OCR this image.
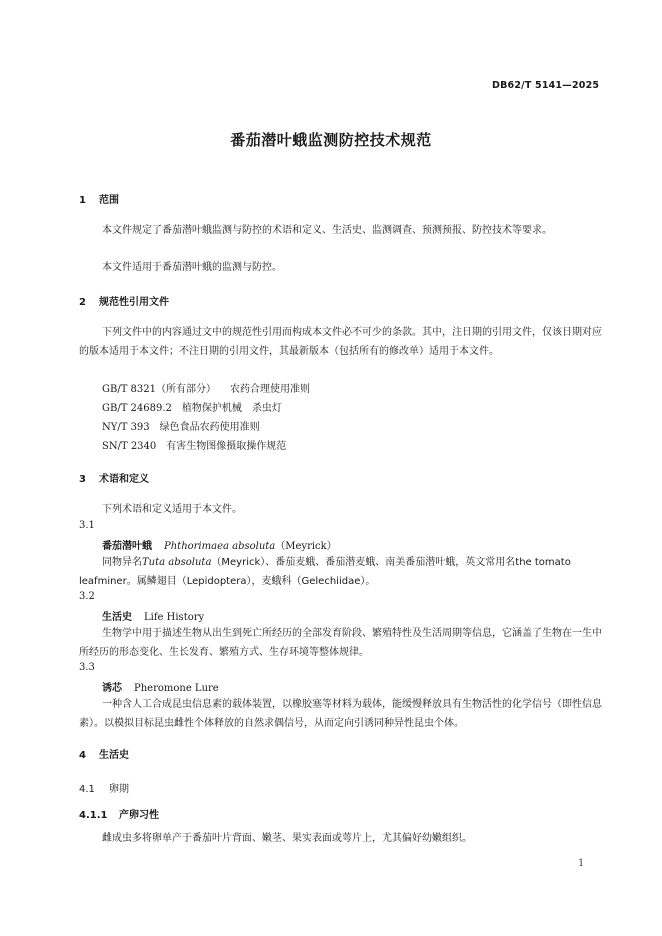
DB62/T 5141—2025
番茄潜叶蛾监测防控技术规范
1 范围
本文件规定了番茄潜叶蛾监测与防控的术语和定义、生活史、监测调查、预测预报、防控技术等要求。
本文件适用于番茄潜叶蛾的监测与防控。
2 规范性引用文件
下列文件中的内容通过文中的规范性引用而构成本文件必不可少的条款。其中，注日期的引用文件，仅该日期对应的版本适用于本文件；不注日期的引用文件，其最新版本（包括所有的修改单）适用于本文件。
GB/T 8321（所有部分） 农药合理使用准则
GB/T 24689.2 植物保护机械　杀虫灯
NY/T 393 绿色食品农药使用准则
SN/T 2340 有害生物图像摄取操作规范
3 术语和定义
下列术语和定义适用于本文件。
3.1
番茄潜叶蛾 Phthorimaea absoluta（Meyrick）
同物异名Tuta absoluta（Meyrick）、番茄麦蛾、番茄潜麦蛾、南美番茄潜叶蛾，英文常用名the tomato leafminer。属鳞翅目（Lepidoptera），麦蛾科（Gelechiidae）。
3.2
生活史 Life History
生物学中用于描述生物从出生到死亡所经历的全部发育阶段、繁殖特性及生活周期等信息，它涵盖了生物在一生中所经历的形态变化、生长发育、繁殖方式、生存环境等整体规律。
3.3
诱芯 Pheromone Lure
一种含人工合成昆虫信息素的载体装置，以橡胶塞等材料为载体，能缓慢释放具有生物活性的化学信号（即性信息素）。以模拟目标昆虫雌性个体释放的自然求偶信号，从而定向引诱同种异性昆虫个体。
4 生活史
4.1 卵期
4.1.1 产卵习性
雌成虫多将卵单产于番茄叶片背面、嫩茎、果实表面或萼片上，尤其偏好幼嫩组织。
1
